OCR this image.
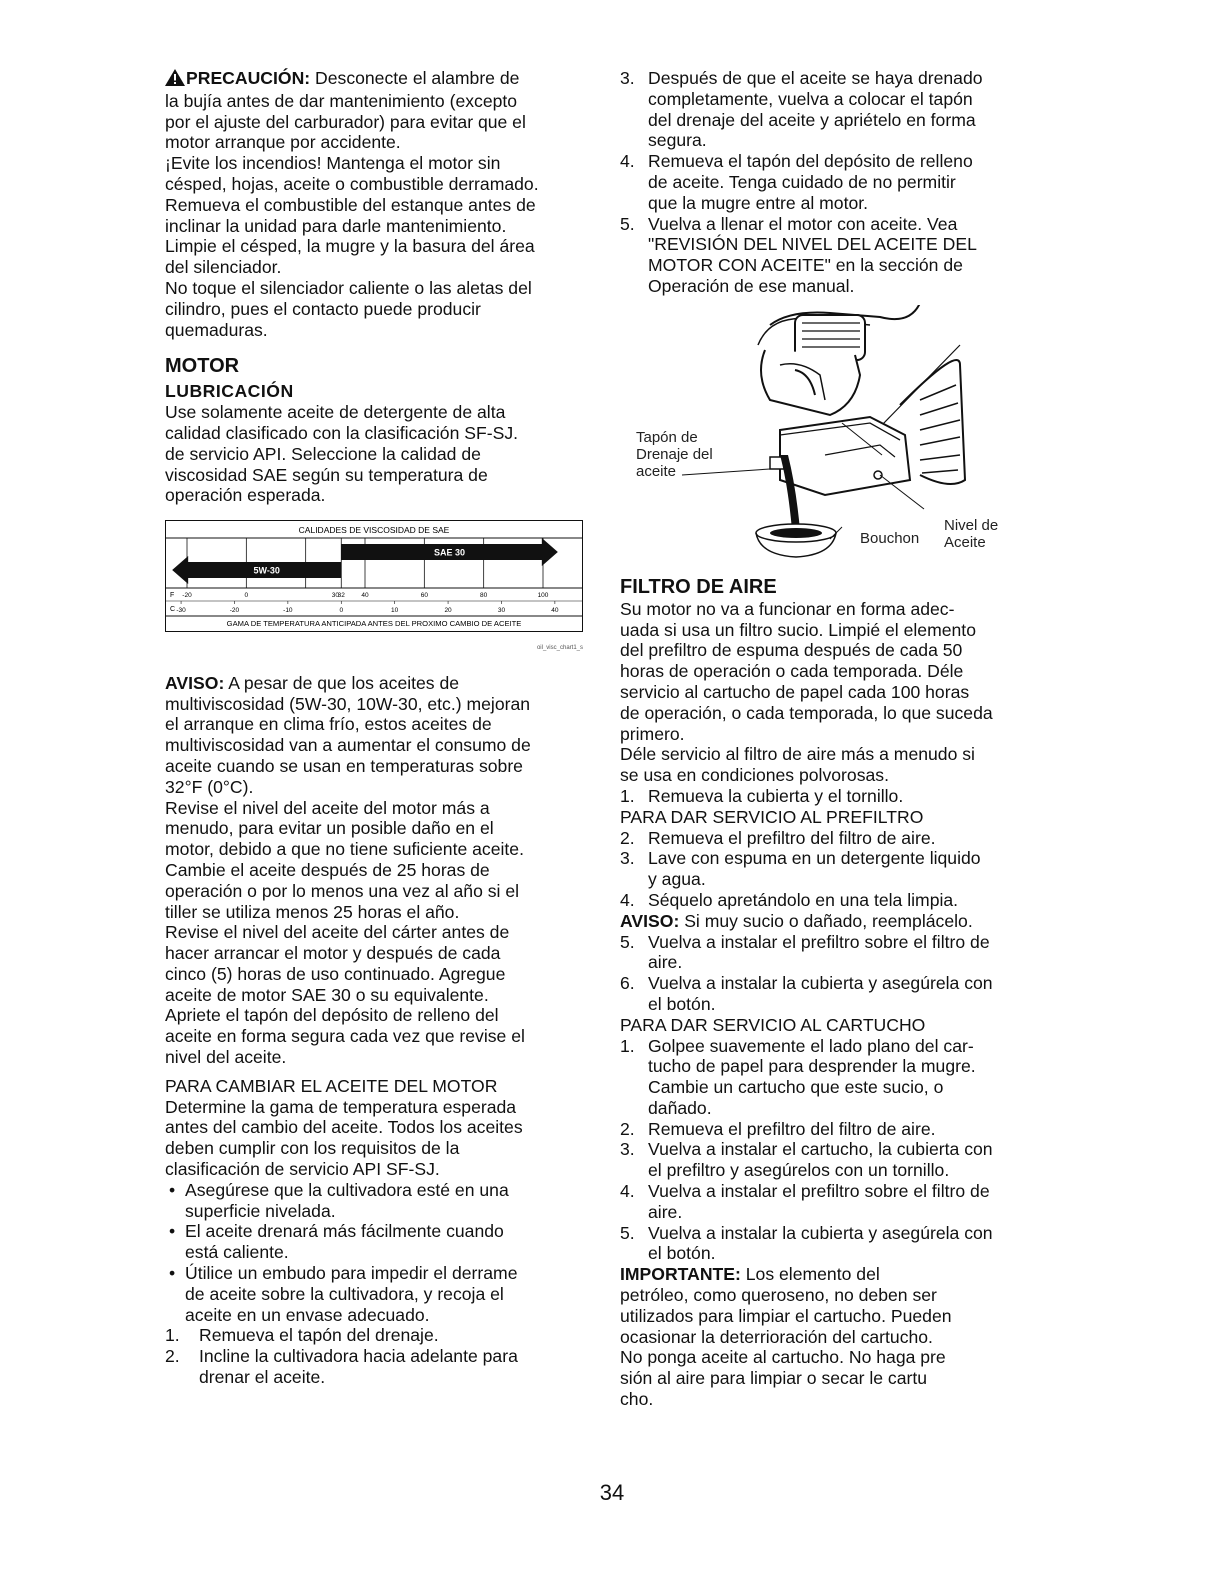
PRECAUCIÓN: Desconecte el alambre de

la bujía antes de dar mantenimiento (excepto

por el ajuste del carburador) para evitar que el

motor arranque por accidente.

¡Evite los incendios! Mantenga el motor sin

césped, hojas, aceite o combustible derramado.

Remueva el combustible del estanque antes de

inclinar la unidad para darle mantenimiento.

Limpie el césped, la mugre y la basura del área

del silenciador.

No toque el silenciador caliente o las aletas del

cilindro, pues el contacto puede producir

quemaduras.

MOTOR
LUBRICACIÓN

Use solamente aceite de detergente de alta

calidad clasificado con la clasificación SF-SJ.

de servicio API. Seleccione la calidad de

viscosidad SAE según su temperatura de

operación esperada.

CALIDADES DE VISCOSIDAD DE SAE
GAMA DE TEMPERATURA ANTICIPADA ANTES DEL PROXIMO CAMBIO DE ACEITE
F
C
5W-30
SAE 30
-20	0	30
32	40	60	80	100
-30	-20	-10	0	10	20	30	40
oil_visc_chart1_s

AVISO: A pesar de que los aceites de

multiviscosidad (5W-30, 10W-30, etc.) mejoran

el arranque en clima frío, estos aceites de

multiviscosidad van a aumentar el consumo de

aceite cuando se usan en temperaturas sobre

32°F (0°C).

Revise el nivel del aceite del motor más a

menudo, para evitar un posible daño en el

motor, debido a que no tiene suficiente aceite.

Cambie el aceite después de 25 horas de

operación o por lo menos una vez al año si el

tiller se utiliza menos 25 horas el año.

Revise el nivel del aceite del cárter antes de

hacer arrancar el motor y después de cada

cinco (5) horas de uso continuado. Agregue

aceite de motor SAE 30 o su equivalente.

Apriete el tapón del depósito de relleno del

aceite en forma segura cada vez que revise el

nivel del aceite.

PARA CAMBIAR EL ACEITE DEL MOTOR

Determine la gama de temperatura esperada

antes del cambio del aceite. Todos los aceites

deben cumplir con los requisitos de la

clasificación de servicio API SF-SJ.

• Asegúrese que la cultivadora esté en una

superficie nivelada.

• El aceite drenará más fácilmente cuando

está caliente.

• Útilice un embudo para impedir el derrame

de aceite sobre la cultivadora, y recoja el

aceite en un envase adecuado.

1. Remueva el tapón del drenaje.

2. Incline la cultivadora hacia adelante para

drenar el aceite.

3. Después de que el aceite se haya drenado

completamente, vuelva a colocar el tapón

del drenaje del aceite y apriételo en forma

segura.

4. Remueva el tapón del depósito de relleno

de aceite. Tenga cuidado de no permitir

que la mugre entre al motor.

5. Vuelva a llenar el motor con aceite. Vea

"REVISIÓN DEL NIVEL DEL ACEITE DEL

MOTOR CON ACEITE" en la sección de

Operación de ese manual.

Tapón de
Drenaje del
aceite
Bouchon
Nivel de
Aceite
FILTRO DE AIRE

Su motor no va a funcionar en forma adec-

uada si usa un filtro sucio. Limpié el elemento

del prefiltro de espuma después de cada 50

horas de operación o cada temporada. Déle

servicio al cartucho de papel cada 100 horas

de operación, o cada temporada, lo que suceda

primero.

Déle servicio al filtro de aire más a menudo si

se usa en condiciones polvorosas.

1. Remueva la cubierta y el tornillo.

PARA DAR SERVICIO AL PREFILTRO

2. Remueva el prefiltro del filtro de aire.

3. Lave con espuma en un detergente liquido

y agua.

4. Séquelo apretándolo en una tela limpia.

AVISO: Si muy sucio o dañado, reemplácelo.

5. Vuelva a instalar el prefiltro sobre el filtro de

aire.

6. Vuelva a instalar la cubierta y asegúrela con

el botón.

PARA DAR SERVICIO AL CARTUCHO

1. Golpee suavemente el lado plano del car-

tucho de papel para desprender la mugre.

Cambie un cartucho que este sucio, o

dañado.

2. Remueva el prefiltro del filtro de aire.

3. Vuelva a instalar el cartucho, la cubierta con

el prefiltro y asegúrelos con un tornillo.

4. Vuelva a instalar el prefiltro sobre el filtro de

aire.

5. Vuelva a instalar la cubierta y asegúrela con

el botón.

IMPORTANTE: Los elemento del

petróleo, como queroseno, no deben ser

utilizados para limpiar el cartucho. Pueden

ocasionar la deterrioración del cartucho.

No ponga aceite al cartucho. No haga pre

sión al aire para limpiar o secar le cartu

cho.

34
